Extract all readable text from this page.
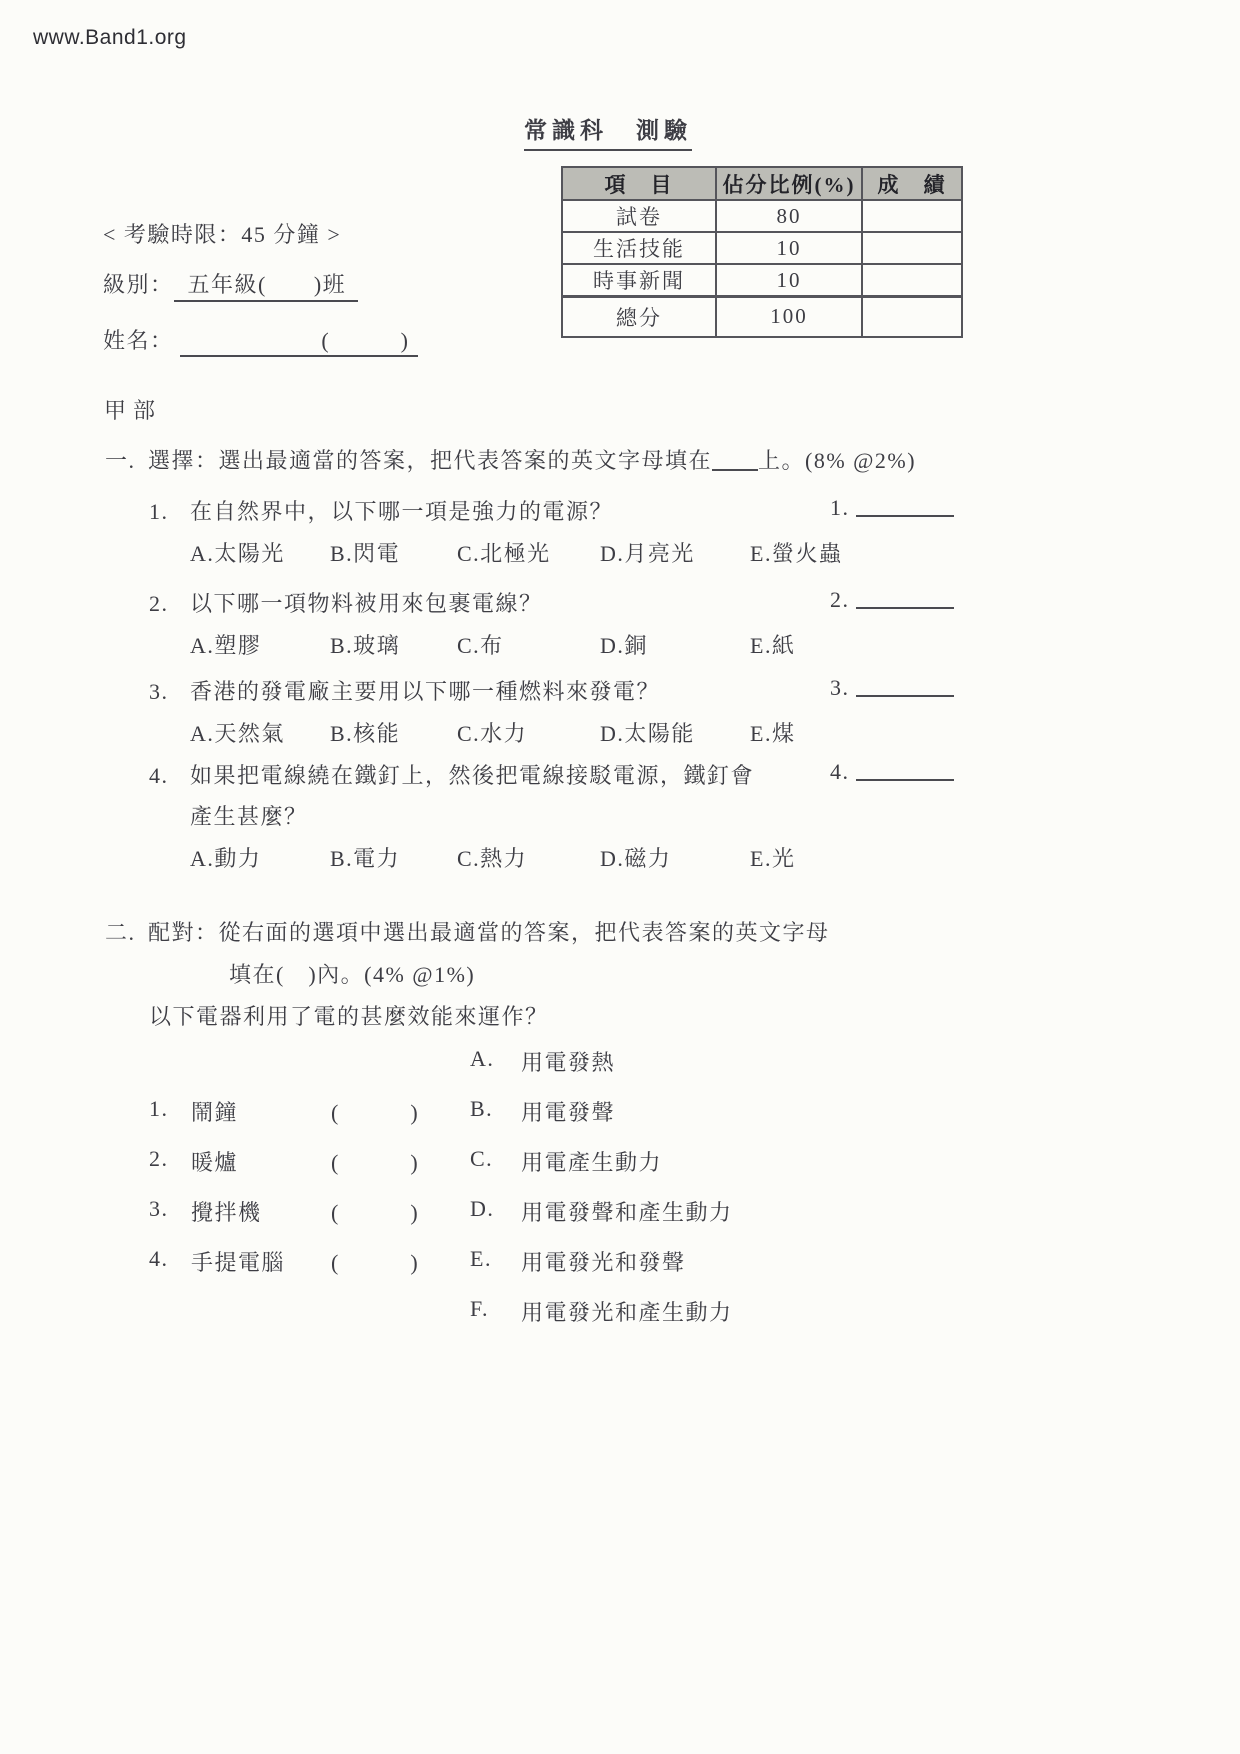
www.Band1.org
常識科　測驗
項　目	佔分比例(%)	成　績
試卷	80	
生活技能	10	
時事新聞	10	
總分	100	
< 考驗時限：45 分鐘 >
級別： 五年級(　　)班
姓名：	(　　　)
甲部
一. 選擇：選出最適當的答案，把代表答案的英文字母填在 上。(8% @2%)
1. 在自然界中，以下哪一項是強力的電源？	1.
A.太陽光 B.閃電	C.北極光 D.月亮光	E.螢火蟲
2. 以下哪一項物料被用來包裹電線？	2.
A.塑膠	B.玻璃	C.布	D.銅	E.紙
3. 香港的發電廠主要用以下哪一種燃料來發電？	3.
A.天然氣 B.核能	C.水力	D.太陽能	E.煤
4. 如果把電線繞在鐵釘上，然後把電線接駁電源，鐵釘會	4.
產生甚麼？
A.動力	B.電力	C.熱力	D.磁力	E.光
二. 配對：從右面的選項中選出最適當的答案，把代表答案的英文字母
填在(　)內。(4% @1%)
以下電器利用了電的甚麼效能來運作？
A.	用電發熱
1.	鬧鐘	(　　　)	B.	用電發聲
2.	暖爐	(　　　)	C.	用電產生動力
3.	攪拌機	(　　　)	D.	用電發聲和產生動力
4.	手提電腦	(　　　)	E.	用電發光和發聲
F.	用電發光和產生動力
